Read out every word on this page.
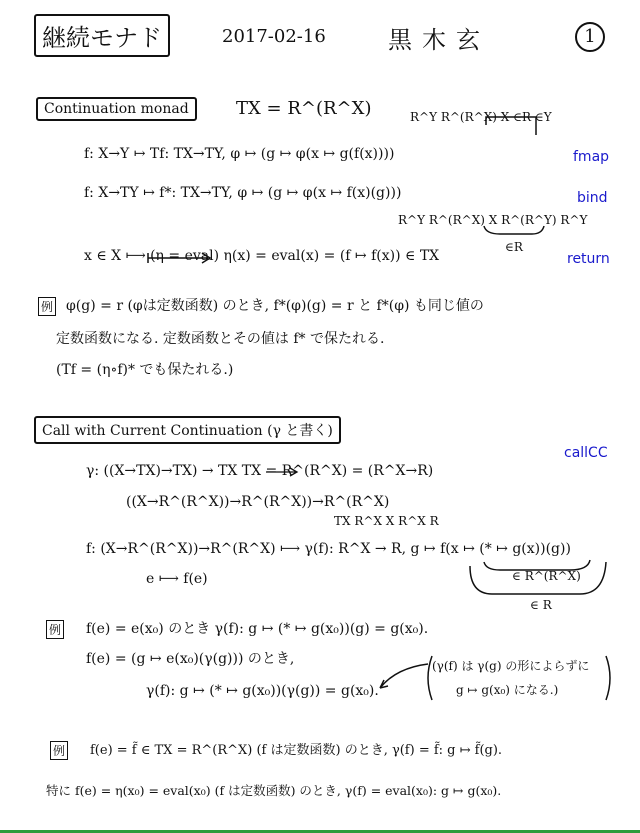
継続モナド	2017-02-16	黒木玄	1
Continuation monad	TX = R^(R^X)	R^Y R^(R^X) X ∈R ∈Y
f: X→Y ↦ Tf: TX→TY, φ ↦ (g ↦ φ(x ↦ g(f(x))))	fmap
f: X→TY ↦ f*: TX→TY, φ ↦ (g ↦ φ(x ↦ f(x)(g)))	bind
R^Y R^(R^X) X R^(R^Y) R^Y
∈R
x ∈ X ⟼ (η = eval) η(x) = eval(x) = (f ↦ f(x)) ∈ TX	return
例 φ(g) = r (φは定数函数) のとき, f*(φ)(g) = r と f*(φ) も同じ値の
定数函数になる. 定数函数とその値は f* で保たれる.
(Tf = (η∘f)* でも保たれる.)
Call with Current Continuation (γ と書く)
callCC
γ: ((X→TX)→TX) → TX TX = R^(R^X) = (R^X→R)
((X→R^(R^X))→R^(R^X))→R^(R^X)
TX R^X X R^X R
f: (X→R^(R^X))→R^(R^X) ⟼ γ(f): R^X → R, g ↦ f(x ↦ (* ↦ g(x))(g))
∈ R^(R^X)
∈ R
e ⟼ f(e)
例 f(e) = e(x₀) のとき γ(f): g ↦ (* ↦ g(x₀))(g) = g(x₀).
f(e) = (g ↦ e(x₀)(γ(g))) のとき,
γ(f): g ↦ (* ↦ g(x₀))(γ(g)) = g(x₀).
(γ(f) は γ(g) の形によらずに
g ↦ g(x₀) になる.)
例 f(e) = f̃ ∈ TX = R^(R^X) (f は定数函数) のとき, γ(f) = f̃: g ↦ f̃(g).
特に f(e) = η(x₀) = eval(x₀) (f は定数函数) のとき, γ(f) = eval(x₀): g ↦ g(x₀).
